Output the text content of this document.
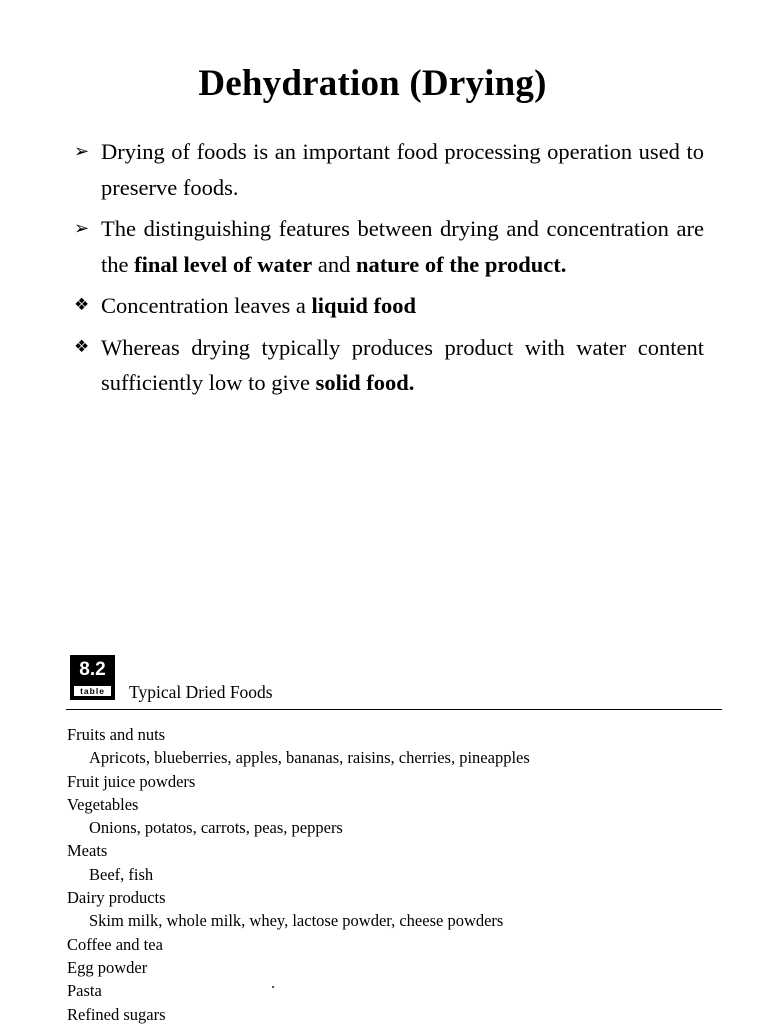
Dehydration (Drying)
➢ Drying of foods is an important food processing operation used to preserve foods.
➢ The distinguishing features between drying and concentration are the final level of water and nature of the product.
❖ Concentration leaves a liquid food
❖ Whereas drying typically produces product with water content sufficiently low to give solid food.
8.2
table	Typical Dried Foods
Fruits and nuts
Apricots, blueberries, apples, bananas, raisins, cherries, pineapples
Fruit juice powders
Vegetables
Onions, potatos, carrots, peas, peppers
Meats
Beef, fish
Dairy products
Skim milk, whole milk, whey, lactose powder, cheese powders
Coffee and tea
Egg powder
Pasta
Refined sugars
